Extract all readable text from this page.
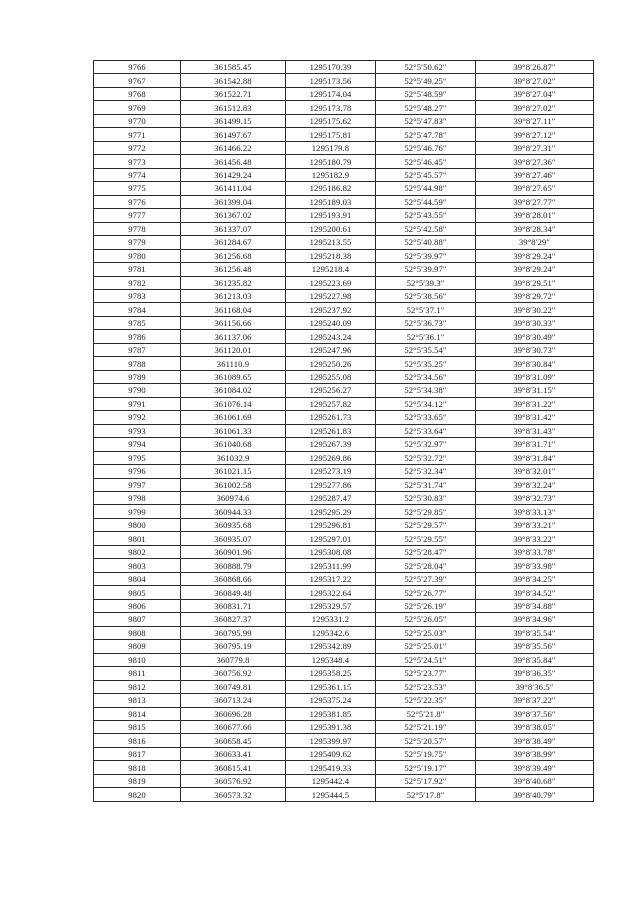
9766	361585.45	1295170.39	52°5′50.62″	39°8′26.87″
9767	361542.88	1295173.56	52°5′49.25″	39°8′27.02″
9768	361522.71	1295174.04	52°5′48.59″	39°8′27.04″
9769	361512.83	1295173.78	52°5′48.27″	39°8′27.02″
9770	361499.15	1295175.62	52°5′47.83″	39°8′27.11″
9771	361497.67	1295175.81	52°5′47.78″	39°8′27.12″
9772	361466.22	1295179.8	52°5′46.76″	39°8′27.31″
9773	361456.48	1295180.79	52°5′46.45″	39°8′27.36″
9774	361429.24	1295182.9	52°5′45.57″	39°8′27.46″
9775	361411.04	1295186.82	52°5′44.98″	39°8′27.65″
9776	361399.04	1295189.03	52°5′44.59″	39°8′27.77″
9777	361367.02	1295193.91	52°5′43.55″	39°8′28.01″
9778	361337.07	1295200.61	52°5′42.58″	39°8′28.34″
9779	361284.67	1295213.55	52°5′40.88″	39°8′29″
9780	361256.68	1295218.38	52°5′39.97″	39°8′29.24″
9781	361256.48	1295218.4	52°5′39.97″	39°8′29.24″
9782	361235.82	1295223.69	52°5′39.3″	39°8′29.51″
9783	361213.03	1295227.98	52°5′38.56″	39°8′29.72″
9784	361168.04	1295237.92	52°5′37.1″	39°8′30.22″
9785	361156.66	1295240.09	52°5′36.73″	39°8′30.33″
9786	361137.06	1295243.24	52°5′36.1″	39°8′30.49″
9787	361120.01	1295247.96	52°5′35.54″	39°8′30.73″
9788	361110.9	1295250.26	52°5′35.25″	39°8′30.84″
9789	361089.65	1295255.08	52°5′34.56″	39°8′31.09″
9790	361084.02	1295256.27	52°5′34.38″	39°8′31.15″
9791	361076.14	1295257.82	52°5′34.12″	39°8′31.22″
9792	361061.69	1295261.73	52°5′33.65″	39°8′31.42″
9793	361061.33	1295261.83	52°5′33.64″	39°8′31.43″
9794	361040.68	1295267.39	52°5′32.97″	39°8′31.71″
9795	361032.9	1295269.86	52°5′32.72″	39°8′31.84″
9796	361021.15	1295273.19	52°5′32.34″	39°8′32.01″
9797	361002.58	1295277.86	52°5′31.74″	39°8′32.24″
9798	360974.6	1295287.47	52°5′30.83″	39°8′32.73″
9799	360944.33	1295295.29	52°5′29.85″	39°8′33.13″
9800	360935.68	1295296.81	52°5′29.57″	39°8′33.21″
9801	360935.07	1295297.01	52°5′29.55″	39°8′33.22″
9802	360901.96	1295308.08	52°5′28.47″	39°8′33.78″
9803	360888.79	1295311.99	52°5′28.04″	39°8′33.98″
9804	360868.66	1295317.22	52°5′27.39″	39°8′34.25″
9805	360849.48	1295322.64	52°5′26.77″	39°8′34.52″
9806	360831.71	1295329.57	52°5′26.19″	39°8′34.88″
9807	360827.37	1295331.2	52°5′26.05″	39°8′34.96″
9808	360795.99	1295342.6	52°5′25.03″	39°8′35.54″
9809	360795.19	1295342.89	52°5′25.01″	39°8′35.56″
9810	360779.8	1295348.4	52°5′24.51″	39°8′35.84″
9811	360756.92	1295358.25	52°5′23.77″	39°8′36.35″
9812	360749.81	1295361.15	52°5′23.53″	39°8′36.5″
9813	360713.24	1295375.24	52°5′22.35″	39°8′37.22″
9814	360696.28	1295381.85	52°5′21.8″	39°8′37.56″
9815	360677.66	1295391.38	52°5′21.19″	39°8′38.05″
9816	360658.45	1295399.97	52°5′20.57″	39°8′38.49″
9817	360633.41	1295409.62	52°5′19.75″	39°8′38.99″
9818	360615.41	1295419.33	52°5′19.17″	39°8′39.49″
9819	360576.92	1295442.4	52°5′17.92″	39°8′40.68″
9820	360573.32	1295444.5	52°5′17.8″	39°8′40.79″
